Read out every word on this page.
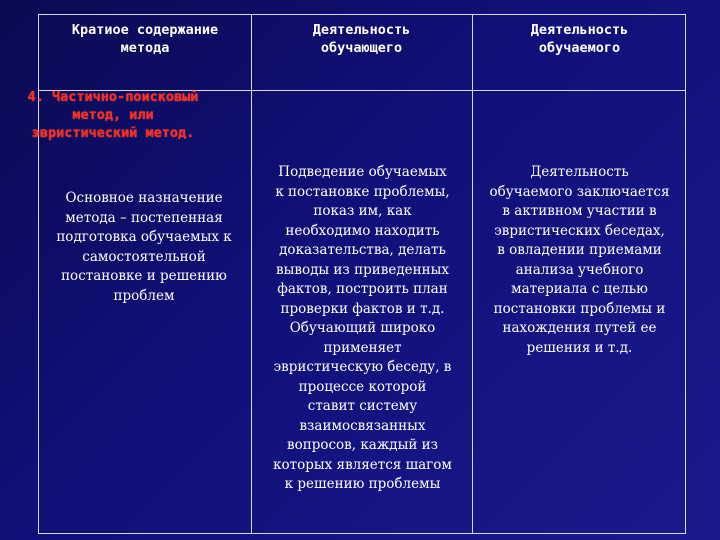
Кратиое содержание
метода
Деятельность
обучающего
Деятельность
обучаемого
Подведение обучаемых
к постановке проблемы,
показ им, как
необходимо находить
доказательства, делать
выводы из приведенных
фактов, построить план
проверки фактов и т.д.
Обучающий широко
применяет
эвристическую беседу, в
процессе которой
ставит систему
взаимосвязанных
вопросов, каждый из
которых является шагом
к решению проблемы
Деятельность
обучаемого заключается
в активном участии в
эвристических беседах,
в овладении приемами
анализа учебного
материала с целью
постановки проблемы и
нахождения путей ее
решения и т.д.
Основное назначение
метода – постепенная
подготовка обучаемых к
самостоятельной
постановке и решению
проблем
4. Частично-поисковый
метод, или
эвристический метод.
